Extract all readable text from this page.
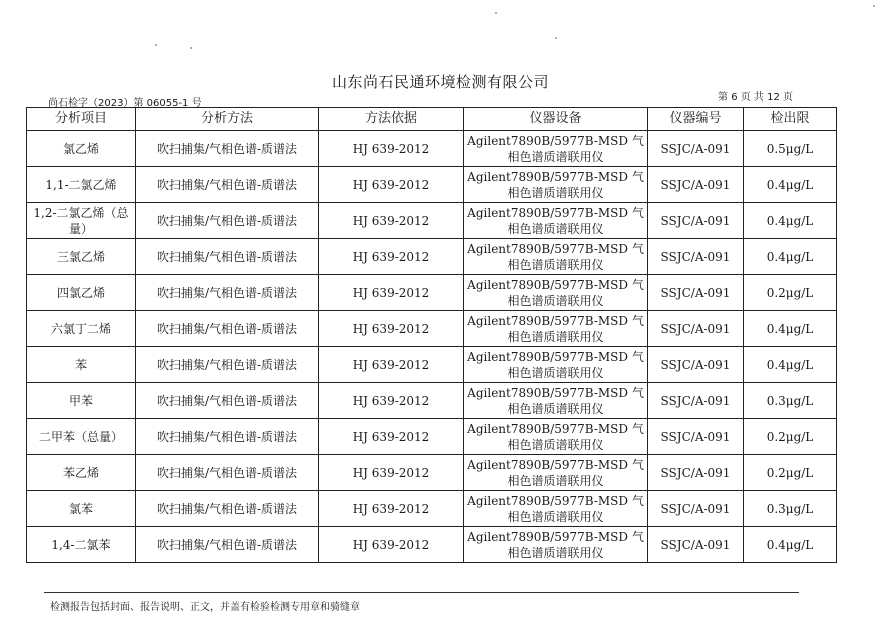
山东尚石民通环境检测有限公司
尚石检字（2023）第 06055-1 号
第 6 页 共 12 页
分析项目	分析方法	方法依据	仪器设备	仪器编号	检出限
氯乙烯	吹扫捕集/气相色谱-质谱法	HJ 639-2012	Agilent7890B/5977B-MSD 气相色谱质谱联用仪	SSJC/A-091	0.5μg/L
1,1-二氯乙烯	吹扫捕集/气相色谱-质谱法	HJ 639-2012	Agilent7890B/5977B-MSD 气相色谱质谱联用仪	SSJC/A-091	0.4μg/L
1,2-二氯乙烯（总量）	吹扫捕集/气相色谱-质谱法	HJ 639-2012	Agilent7890B/5977B-MSD 气相色谱质谱联用仪	SSJC/A-091	0.4μg/L
三氯乙烯	吹扫捕集/气相色谱-质谱法	HJ 639-2012	Agilent7890B/5977B-MSD 气相色谱质谱联用仪	SSJC/A-091	0.4μg/L
四氯乙烯	吹扫捕集/气相色谱-质谱法	HJ 639-2012	Agilent7890B/5977B-MSD 气相色谱质谱联用仪	SSJC/A-091	0.2μg/L
六氯丁二烯	吹扫捕集/气相色谱-质谱法	HJ 639-2012	Agilent7890B/5977B-MSD 气相色谱质谱联用仪	SSJC/A-091	0.4μg/L
苯	吹扫捕集/气相色谱-质谱法	HJ 639-2012	Agilent7890B/5977B-MSD 气相色谱质谱联用仪	SSJC/A-091	0.4μg/L
甲苯	吹扫捕集/气相色谱-质谱法	HJ 639-2012	Agilent7890B/5977B-MSD 气相色谱质谱联用仪	SSJC/A-091	0.3μg/L
二甲苯（总量）	吹扫捕集/气相色谱-质谱法	HJ 639-2012	Agilent7890B/5977B-MSD 气相色谱质谱联用仪	SSJC/A-091	0.2μg/L
苯乙烯	吹扫捕集/气相色谱-质谱法	HJ 639-2012	Agilent7890B/5977B-MSD 气相色谱质谱联用仪	SSJC/A-091	0.2μg/L
氯苯	吹扫捕集/气相色谱-质谱法	HJ 639-2012	Agilent7890B/5977B-MSD 气相色谱质谱联用仪	SSJC/A-091	0.3μg/L
1,4-二氯苯	吹扫捕集/气相色谱-质谱法	HJ 639-2012	Agilent7890B/5977B-MSD 气相色谱质谱联用仪	SSJC/A-091	0.4μg/L
检测报告包括封面、报告说明、正文，并盖有检验检测专用章和骑缝章
